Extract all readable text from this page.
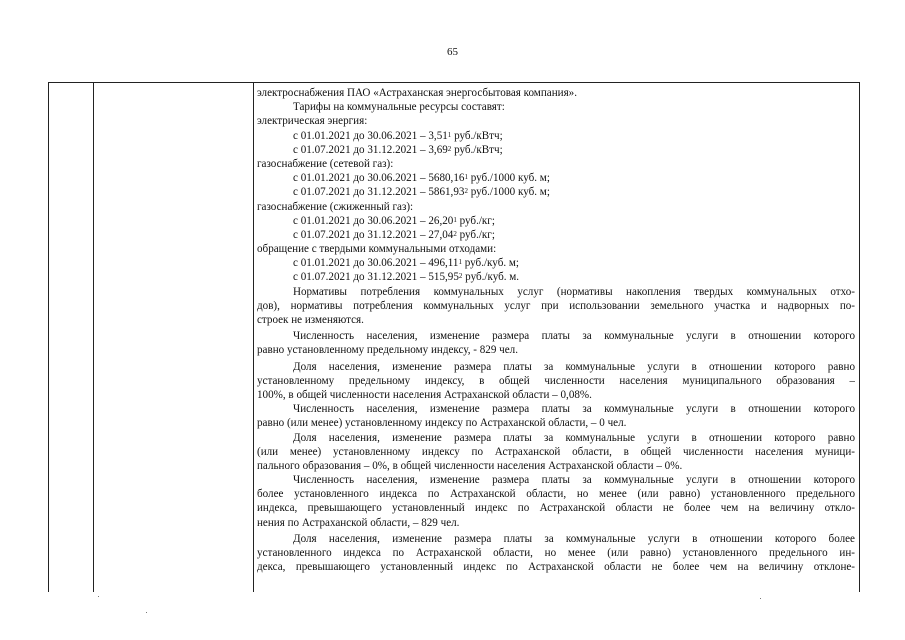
65
электроснабжения ПАО «Астраханская энергосбытовая компания».
Тарифы на коммунальные ресурсы составят:
электрическая энергия:
с 01.01.2021 до 30.06.2021 – 3,51$^1$ руб./кВтч;
с 01.07.2021 до 31.12.2021 – 3,69$^2$ руб./кВтч;
газоснабжение (сетевой газ):
с 01.01.2021 до 30.06.2021 – 5680,16$^1$ руб./1000 куб. м;
с 01.07.2021 до 31.12.2021 – 5861,93$^2$ руб./1000 куб. м;
газоснабжение (сжиженный газ):
с 01.01.2021 до 30.06.2021 – 26,20$^1$ руб./кг;
с 01.07.2021 до 31.12.2021 – 27,04$^2$ руб./кг;
обращение с твердыми коммунальными отходами:
с 01.01.2021 до 30.06.2021 – 496,11$^1$ руб./куб. м;
с 01.07.2021 до 31.12.2021 – 515,95$^2$ руб./куб. м.
Нормативы потребления коммунальных услуг (нормативы накопления твердых коммунальных отхо-
дов), нормативы потребления коммунальных услуг при использовании земельного участка и надворных по-
строек не изменяются.
Численность населения, изменение размера платы за коммунальные услуги в отношении которого
равно установленному предельному индексу, - 829 чел.
Доля населения, изменение размера платы за коммунальные услуги в отношении которого равно
установленному предельному индексу, в общей численности населения муниципального образования –
100%, в общей численности населения Астраханской области – 0,08%.
Численность населения, изменение размера платы за коммунальные услуги в отношении которого
равно (или менее) установленному индексу по Астраханской области, – 0 чел.
Доля населения, изменение размера платы за коммунальные услуги в отношении которого равно
(или менее) установленному индексу по Астраханской области, в общей численности населения муници-
пального образования – 0%, в общей численности населения Астраханской области – 0%.
Численность населения, изменение размера платы за коммунальные услуги в отношении которого
более установленного индекса по Астраханской области, но менее (или равно) установленного предельного
индекса, превышающего установленный индекс по Астраханской области не более чем на величину откло-
нения по Астраханской области, – 829 чел.
Доля населения, изменение размера платы за коммунальные услуги в отношении которого более
установленного индекса по Астраханской области, но менее (или равно) установленного предельного ин-
декса, превышающего установленный индекс по Астраханской области не более чем на величину отклоне-
